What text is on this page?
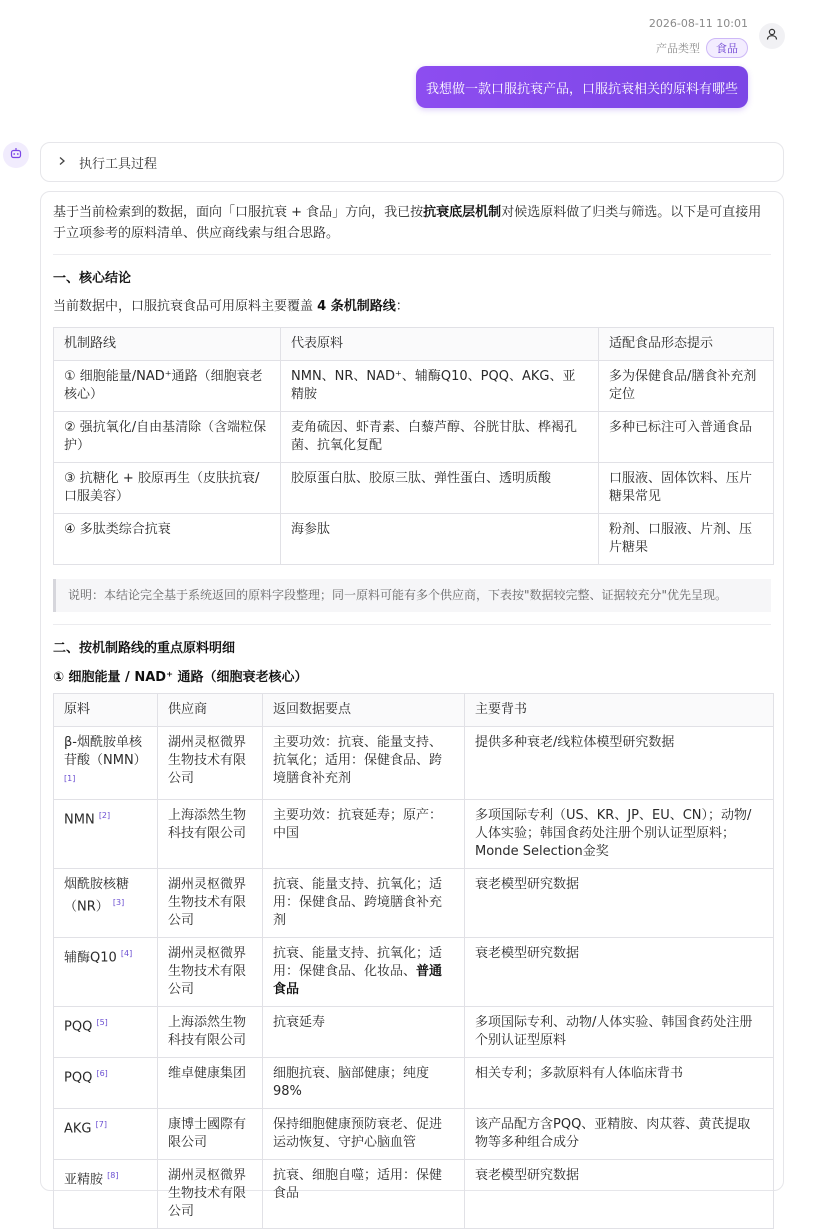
2026-08-11 10:01
产品类型	食品
我想做一款口服抗衰产品，口服抗衰相关的原料有哪些
执行工具过程

基于当前检索到的数据，面向「口服抗衰 + 食品」方向，我已按抗衰底层机制对候选原料做了归类与筛选。以下是可直接用于立项参考的原料清单、供应商线索与组合思路。

一、核心结论

当前数据中，口服抗衰食品可用原料主要覆盖 4 条机制路线：

机制路线	代表原料	适配食品形态提示
① 细胞能量/NAD⁺通路（细胞衰老核心）	NMN、NR、NAD⁺、辅酶Q10、PQQ、AKG、亚精胺	多为保健食品/膳食补充剂定位
② 强抗氧化/自由基清除（含端粒保护）	麦角硫因、虾青素、白藜芦醇、谷胱甘肽、桦褐孔菌、抗氧化复配	多种已标注可入普通食品
③ 抗糖化 + 胶原再生（皮肤抗衰/口服美容）	胶原蛋白肽、胶原三肽、弹性蛋白、透明质酸	口服液、固体饮料、压片糖果常见
④ 多肽类综合抗衰	海参肽	粉剂、口服液、片剂、压片糖果
说明：本结论完全基于系统返回的原料字段整理；同一原料可能有多个供应商，下表按"数据较完整、证据较充分"优先呈现。
二、按机制路线的重点原料明细
① 细胞能量 / NAD⁺ 通路（细胞衰老核心）
原料	供应商	返回数据要点	主要背书
β-烟酰胺单核苷酸（NMN） [1]	湖州灵枢微界生物技术有限公司	主要功效：抗衰、能量支持、抗氧化；适用：保健食品、跨境膳食补充剂	提供多种衰老/线粒体模型研究数据
NMN [2]	上海添然生物科技有限公司	主要功效：抗衰延寿；原产：中国	多项国际专利（US、KR、JP、EU、CN）；动物/人体实验；韩国食药处注册个别认证型原料；Monde Selection金奖
烟酰胺核糖（NR） [3]	湖州灵枢微界生物技术有限公司	抗衰、能量支持、抗氧化；适用：保健食品、跨境膳食补充剂	衰老模型研究数据
辅酶Q10 [4]	湖州灵枢微界生物技术有限公司	抗衰、能量支持、抗氧化；适用：保健食品、化妆品、普通食品	衰老模型研究数据
PQQ [5]	上海添然生物科技有限公司	抗衰延寿	多项国际专利、动物/人体实验、韩国食药处注册个别认证型原料
PQQ [6]	维卓健康集团	细胞抗衰、脑部健康；纯度98%	相关专利；多款原料有人体临床背书
AKG [7]	康博士國際有限公司	保持细胞健康预防衰老、促进运动恢复、守护心脑血管	该产品配方含PQQ、亚精胺、肉苁蓉、黄芪提取物等多种组合成分
亚精胺 [8]	湖州灵枢微界生物技术有限公司	抗衰、细胞自噬；适用：保健食品	衰老模型研究数据
